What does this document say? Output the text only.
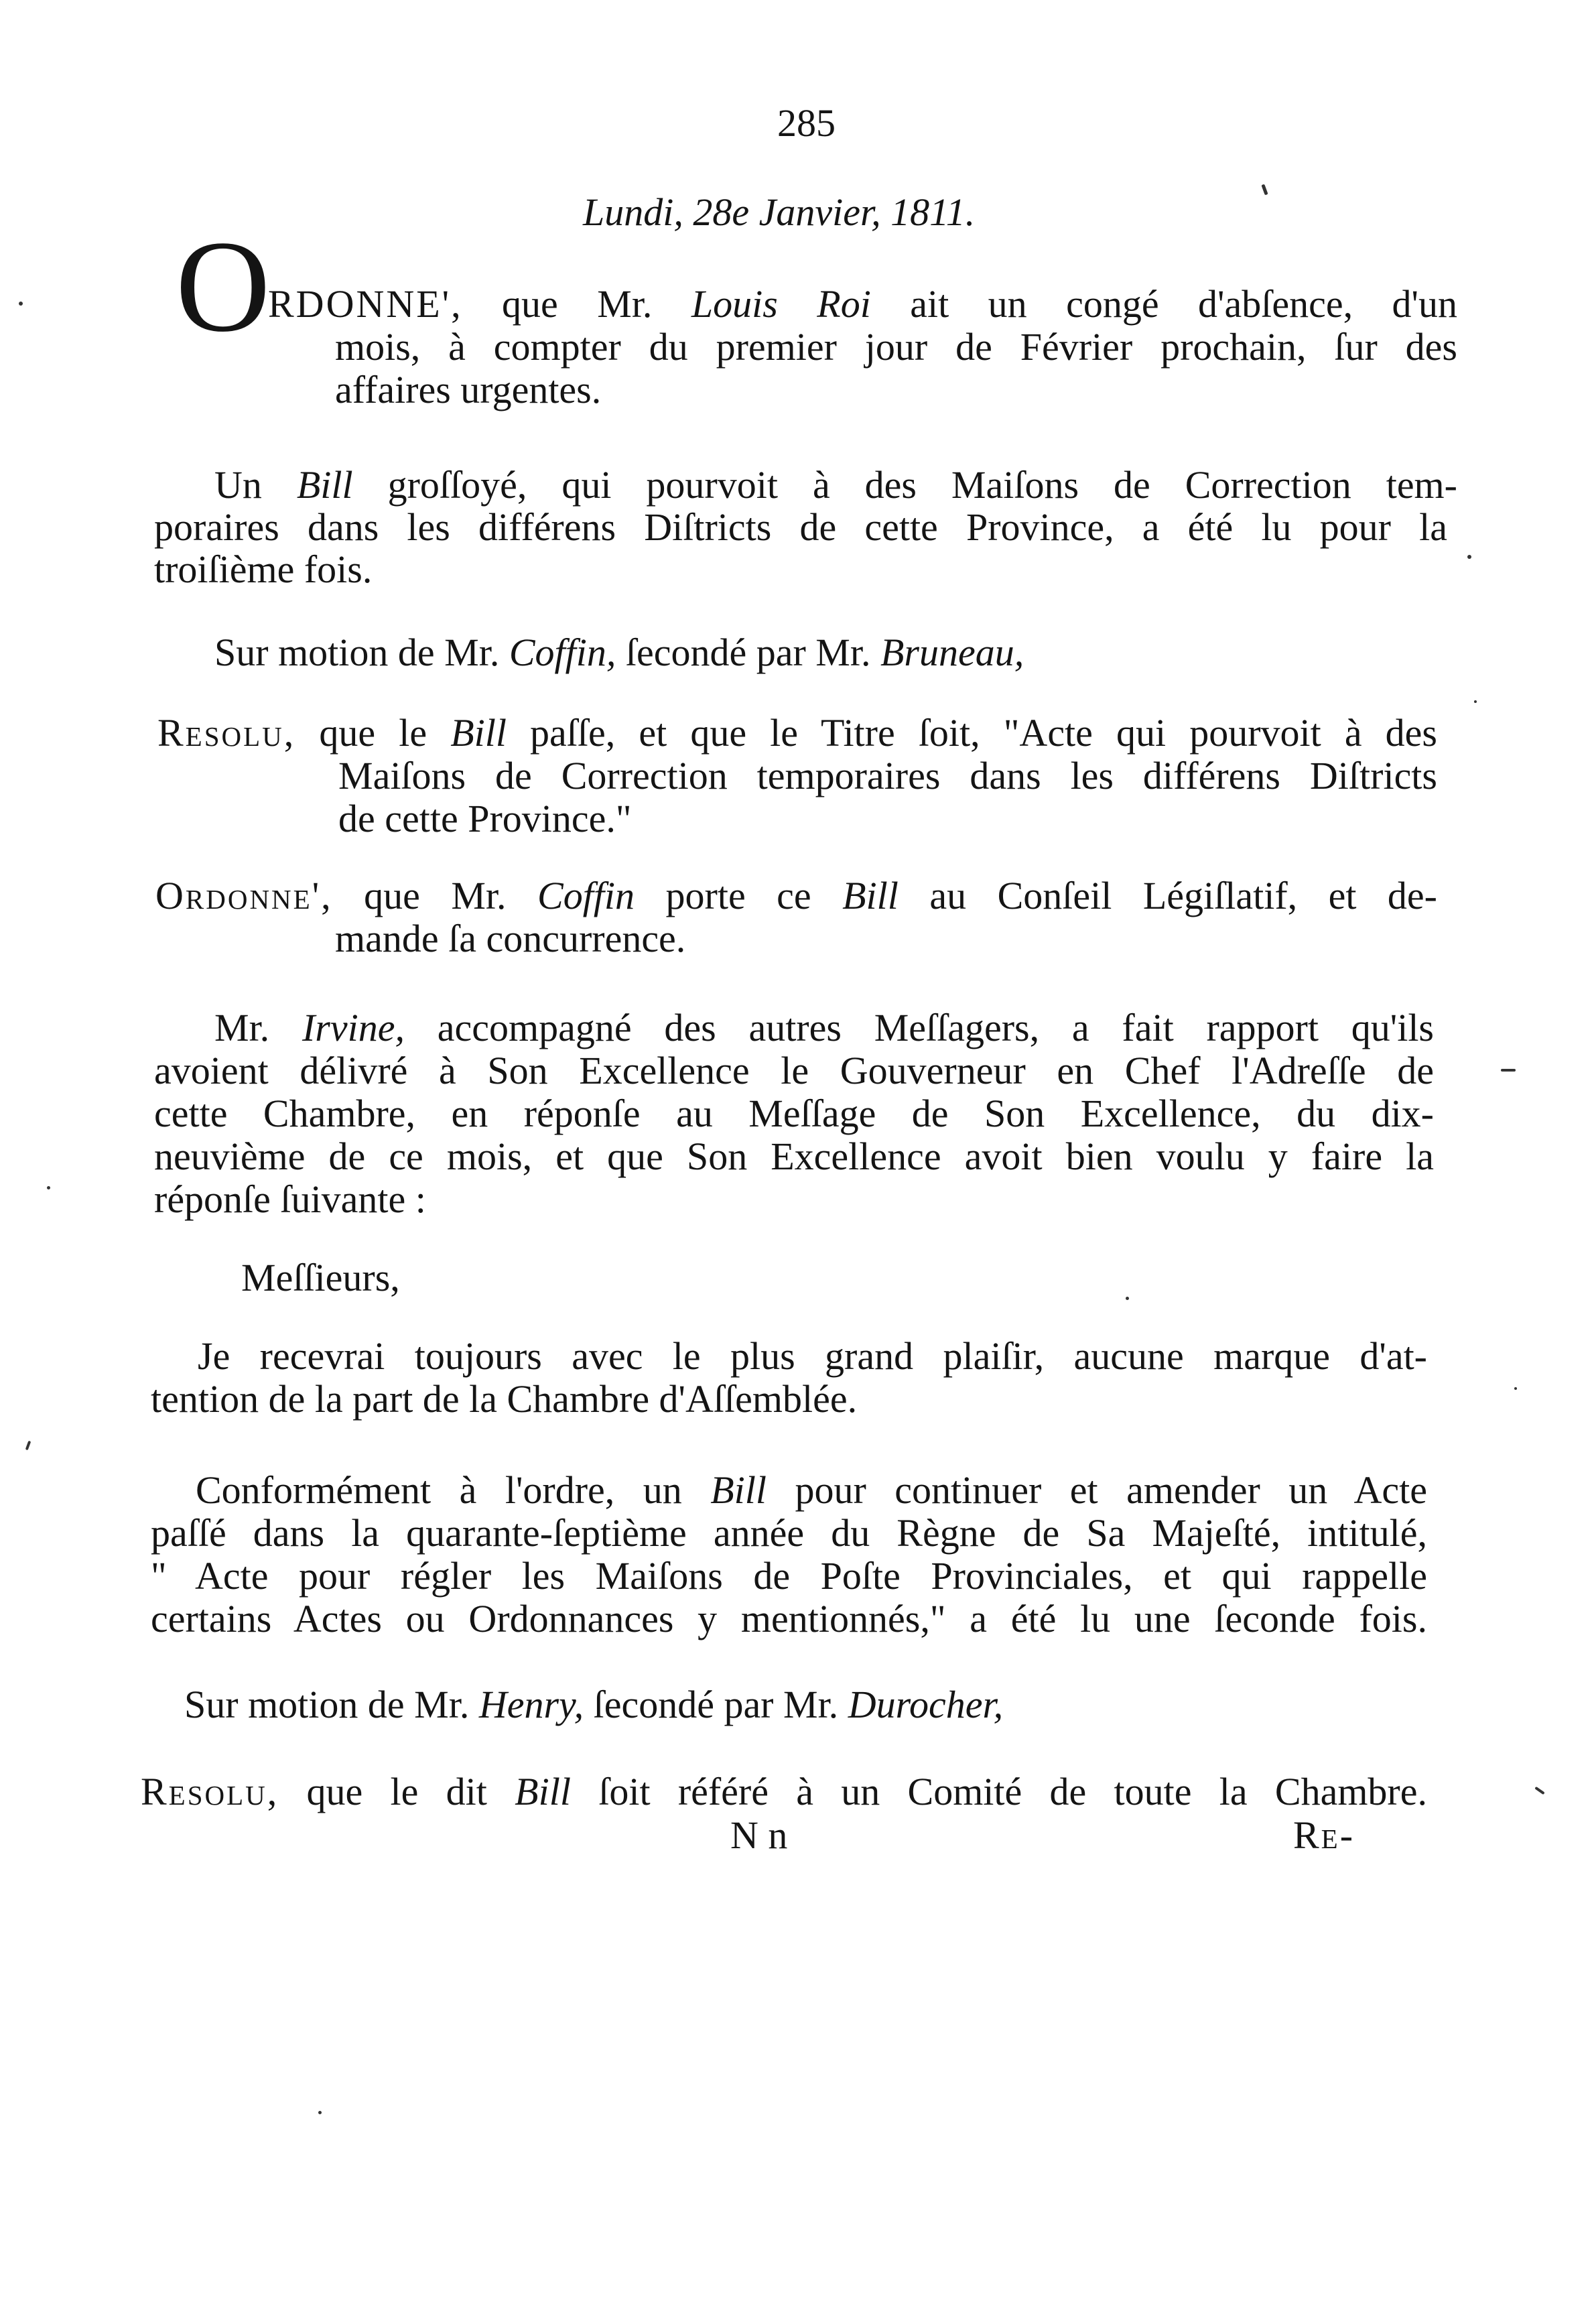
285
Lundi, 28e Janvier, 1811.
O
RDONNE', que Mr. Louis Roi ait un congé d'abſence, d'un
mois, à compter du premier jour de Février prochain, ſur des
affaires urgentes.
Un Bill groſſoyé, qui pourvoit à des Maiſons de Correction tem-
poraires dans les différens Diſtricts de cette Province, a été lu pour la
troiſième fois.
Sur motion de Mr. Coffin, ſecondé par Mr. Bruneau,
Resolu, que le Bill paſſe, et que le Titre ſoit, "Acte qui pourvoit à des
Maiſons de Correction temporaires dans les différens Diſtricts
de cette Province."
Ordonne', que Mr. Coffin porte ce Bill au Conſeil Légiſlatif, et de-
mande ſa concurrence.
Mr. Irvine, accompagné des autres Meſſagers, a fait rapport qu'ils
avoient délivré à Son Excellence le Gouverneur en Chef l'Adreſſe de
cette Chambre, en réponſe au Meſſage de Son Excellence, du dix-
neuvième de ce mois, et que Son Excellence avoit bien voulu y faire la
réponſe ſuivante :
Meſſieurs,
Je recevrai toujours avec le plus grand plaiſir, aucune marque d'at-
tention de la part de la Chambre d'Aſſemblée.
Conformément à l'ordre, un Bill pour continuer et amender un Acte
paſſé dans la quarante-ſeptième année du Règne de Sa Majeſté, intitulé,
" Acte pour régler les Maiſons de Poſte Provinciales, et qui rappelle
certains Actes ou Ordonnances y mentionnés," a été lu une ſeconde fois.
Sur motion de Mr. Henry, ſecondé par Mr. Durocher,
Resolu, que le dit Bill ſoit référé à un Comité de toute la Chambre.
N n	Re-
